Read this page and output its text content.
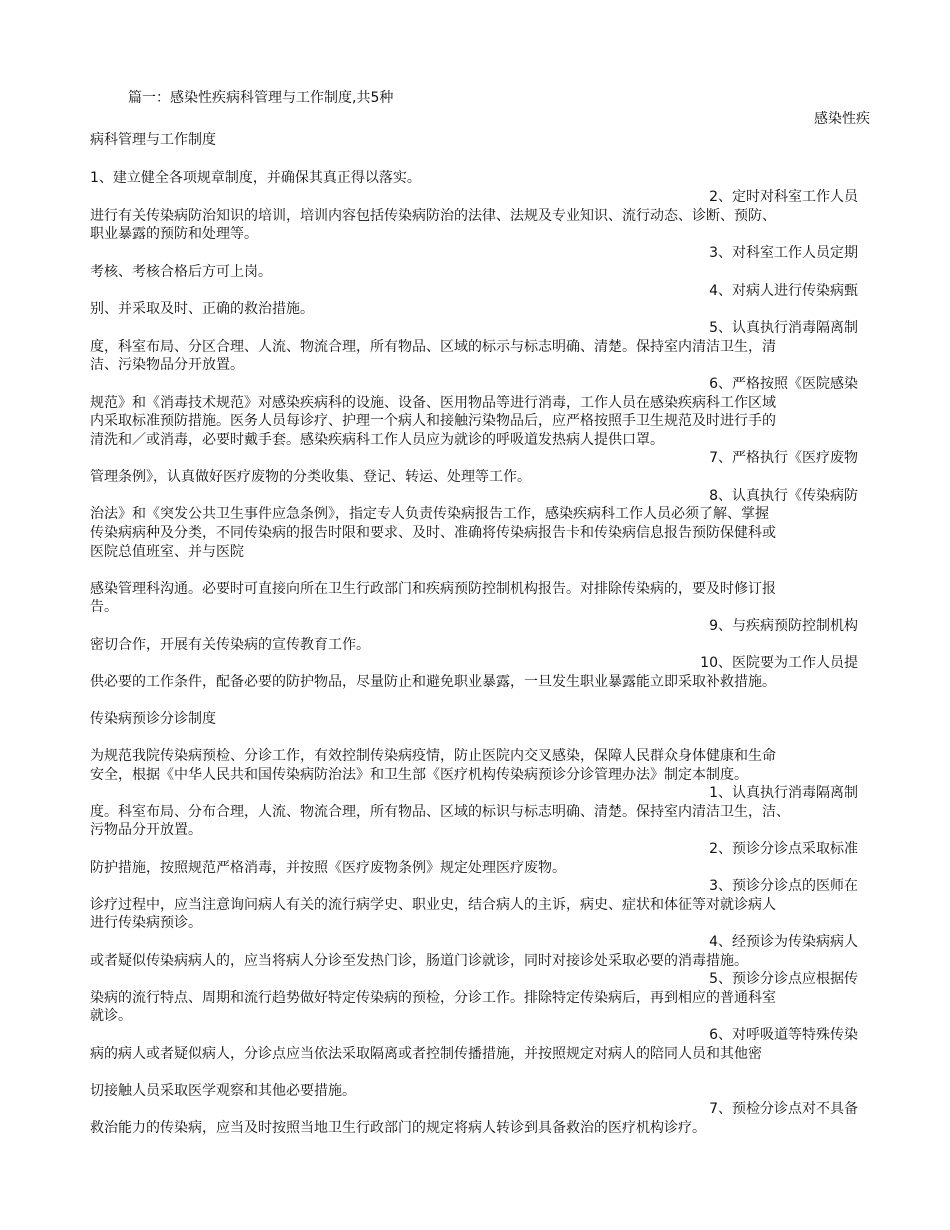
篇一：感染性疾病科管理与工作制度,共5种
感染性疾
病科管理与工作制度
1、建立健全各项规章制度，并确保其真正得以落实。
2、定时对科室工作人员
进行有关传染病防治知识的培训，培训内容包括传染病防治的法律、法规及专业知识、流行动态、诊断、预防、
职业暴露的预防和处理等。
3、对科室工作人员定期
考核、考核合格后方可上岗。
4、对病人进行传染病甄
别、并采取及时、正确的救治措施。
5、认真执行消毒隔离制
度，科室布局、分区合理、人流、物流合理，所有物品、区域的标示与标志明确、清楚。保持室内清洁卫生，清
洁、污染物品分开放置。
6、严格按照《医院感染
规范》和《消毒技术规范》对感染疾病科的设施、设备、医用物品等进行消毒，工作人员在感染疾病科工作区域
内采取标准预防措施。医务人员每诊疗、护理一个病人和接触污染物品后，应严格按照手卫生规范及时进行手的
清洗和／或消毒，必要时戴手套。感染疾病科工作人员应为就诊的呼吸道发热病人提供口罩。
7、严格执行《医疗废物
管理条例》，认真做好医疗废物的分类收集、登记、转运、处理等工作。
8、认真执行《传染病防
治法》和《突发公共卫生事件应急条例》，指定专人负责传染病报告工作，感染疾病科工作人员必须了解、掌握
传染病病种及分类，不同传染病的报告时限和要求、及时、准确将传染病报告卡和传染病信息报告预防保健科或
医院总值班室、并与医院
感染管理科沟通。必要时可直接向所在卫生行政部门和疾病预防控制机构报告。对排除传染病的，要及时修订报
告。
9、与疾病预防控制机构
密切合作，开展有关传染病的宣传教育工作。
10、医院要为工作人员提
供必要的工作条件，配备必要的防护物品，尽量防止和避免职业暴露，一旦发生职业暴露能立即采取补救措施。
传染病预诊分诊制度
为规范我院传染病预检、分诊工作，有效控制传染病疫情，防止医院内交叉感染，保障人民群众身体健康和生命
安全，根据《中华人民共和国传染病防治法》和卫生部《医疗机构传染病预诊分诊管理办法》制定本制度。
1、认真执行消毒隔离制
度。科室布局、分布合理，人流、物流合理，所有物品、区域的标识与标志明确、清楚。保持室内清洁卫生，洁、
污物品分开放置。
2、预诊分诊点采取标准
防护措施，按照规范严格消毒，并按照《医疗废物条例》规定处理医疗废物。
3、预诊分诊点的医师在
诊疗过程中，应当注意询问病人有关的流行病学史、职业史，结合病人的主诉，病史、症状和体征等对就诊病人
进行传染病预诊。
4、经预诊为传染病病人
或者疑似传染病病人的，应当将病人分诊至发热门诊，肠道门诊就诊，同时对接诊处采取必要的消毒措施。
5、预诊分诊点应根据传
染病的流行特点、周期和流行趋势做好特定传染病的预检，分诊工作。排除特定传染病后，再到相应的普通科室
就诊。
6、对呼吸道等特殊传染
病的病人或者疑似病人，分诊点应当依法采取隔离或者控制传播措施，并按照规定对病人的陪同人员和其他密
切接触人员采取医学观察和其他必要措施。
7、预检分诊点对不具备
救治能力的传染病，应当及时按照当地卫生行政部门的规定将病人转诊到具备救治的医疗机构诊疗。
